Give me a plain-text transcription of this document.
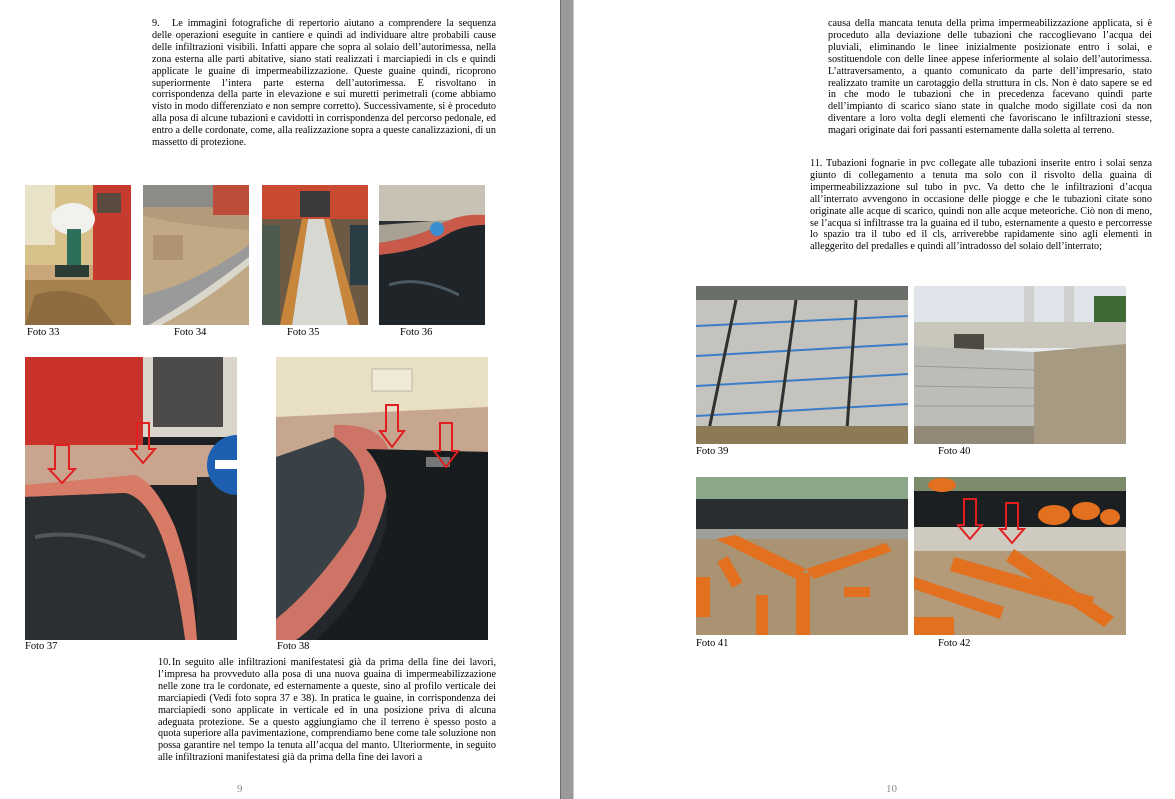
9.	Le immagini fotografiche di repertorio aiutano a comprendere la sequenza delle operazioni eseguite in cantiere e quindi ad individuare altre probabili cause delle infiltrazioni visibili. Infatti appare che sopra al solaio dell’autorimessa, nella zona esterna alle parti abitative, siano stati realizzati i marciapiedi in cls e quindi applicate le guaine di impermeabilizzazione. Queste guaine quindi, ricoprono superiormente l’intera parte esterna dell’autorimessa. E risvoltano in corrispondenza della parte in elevazione e sui muretti perimetrali (come abbiamo visto in modo differenziato e non sempre corretto). Successivamente, si è proceduto alla posa di alcune tubazioni e cavidotti in corrispondenza del percorso pedonale, ed entro a delle cordonate, come, alla realizzazione sopra a queste canalizzazioni, di un massetto di protezione.
Foto 33	Foto 34	Foto 35	Foto 36
Foto 37	Foto 38
10. In seguito alle infiltrazioni manifestatesi già da prima della fine dei lavori, l’impresa ha provveduto alla posa di una nuova guaina di impermeabilizzazione nelle zone tra le cordonate, ed esternamente a queste, sino al profilo verticale dei marciapiedi (Vedi foto sopra 37 e 38). In pratica le guaine, in corrispondenza dei marciapiedi sono applicate in verticale ed in una posizione priva di alcuna adeguata protezione. Se a questo aggiungiamo che il terreno è spesso posto a quota superiore alla pavimentazione, comprendiamo bene come tale soluzione non possa garantire nel tempo la tenuta all’acqua del manto. Ulteriormente, in seguito alle infiltrazioni manifestatesi già da prima della fine dei lavori a
9
causa della mancata tenuta della prima impermeabilizzazione applicata, si è proceduto alla deviazione delle tubazioni che raccoglievano l’acqua dei pluviali, eliminando le linee inizialmente posizionate entro i solai, e sostituendole con delle linee appese inferiormente al solaio dell’autorimessa. L’attraversamento, a quanto comunicato da parte dell’impresario, stato realizzato tramite un carotaggio della struttura in cls. Non è dato sapere se ed in che modo le tubazioni che in precedenza facevano quindi parte dell’impianto di scarico siano state in qualche modo sigillate così da non diventare a loro volta degli elementi che favoriscano le infiltrazioni stesse, magari originate dai fori passanti esternamente dalla soletta al terreno.
11. Tubazioni fognarie in pvc collegate alle tubazioni inserite entro i solai senza giunto di collegamento a tenuta ma solo con il risvolto della guaina di impermeabilizzazione sul tubo in pvc. Va detto che le infiltrazioni d’acqua all’interrato avvengono in occasione delle piogge e che le tubazioni citate sono originate alle acque di scarico, quindi non alle acque meteoriche. Ciò non di meno, se l’acqua si infiltrasse tra la guaina ed il tubo, esternamente a questo e percorresse lo spazio tra il tubo ed il cls, arriverebbe rapidamente sino agli elementi in alleggerito del predalles e quindi all’intradosso del solaio dell’interrato;
Foto 39	Foto 40
Foto 41	Foto 42
10
